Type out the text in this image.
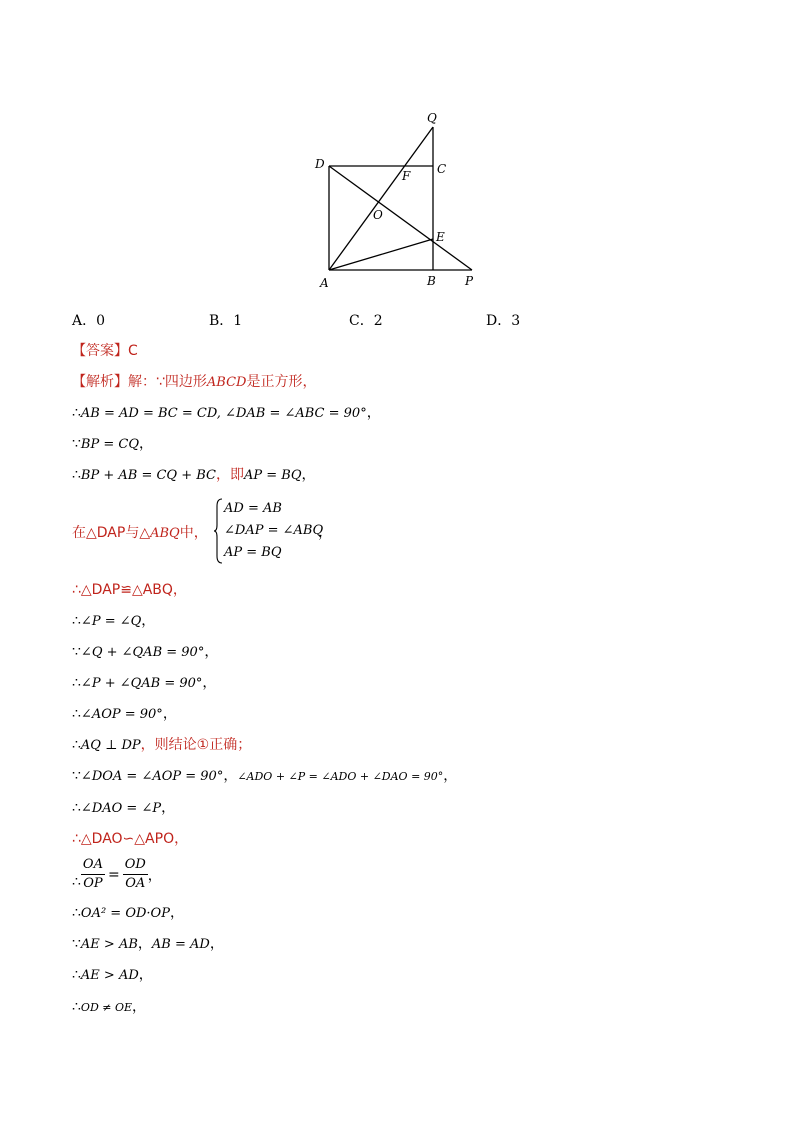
Q
D	C
F
O
E
A	B P
A．0	B．1	C．2	D．3
【答案】C
【解析】解：∵四边形ABCD是正方形，
∴AB = AD = BC = CD, ∠DAB = ∠ABC = 90°，
∵BP = CQ，
∴BP + AB = CQ + BC，即AP = BQ，
在△DAP与△ABQ中，
AD = AB
∠DAP = ∠ABQ
AP = BQ
，
∴△DAP≌△ABQ，
∴∠P = ∠Q，
∵∠Q + ∠QAB = 90°，
∴∠P + ∠QAB = 90°，
∴∠AOP = 90°，
∴AQ ⊥ DP，则结论①正确；
∵∠DOA = ∠AOP = 90°，∠ADO + ∠P = ∠ADO + ∠DAO = 90°，
∴∠DAO = ∠P，
∴△DAO∽△APO，
∴ $\frac{OA}{OP} = \frac{OD}{OA}$ ，
∴OA² = OD·OP，
∵AE > AB，AB = AD，
∴AE > AD，
∴OD ≠ OE，
